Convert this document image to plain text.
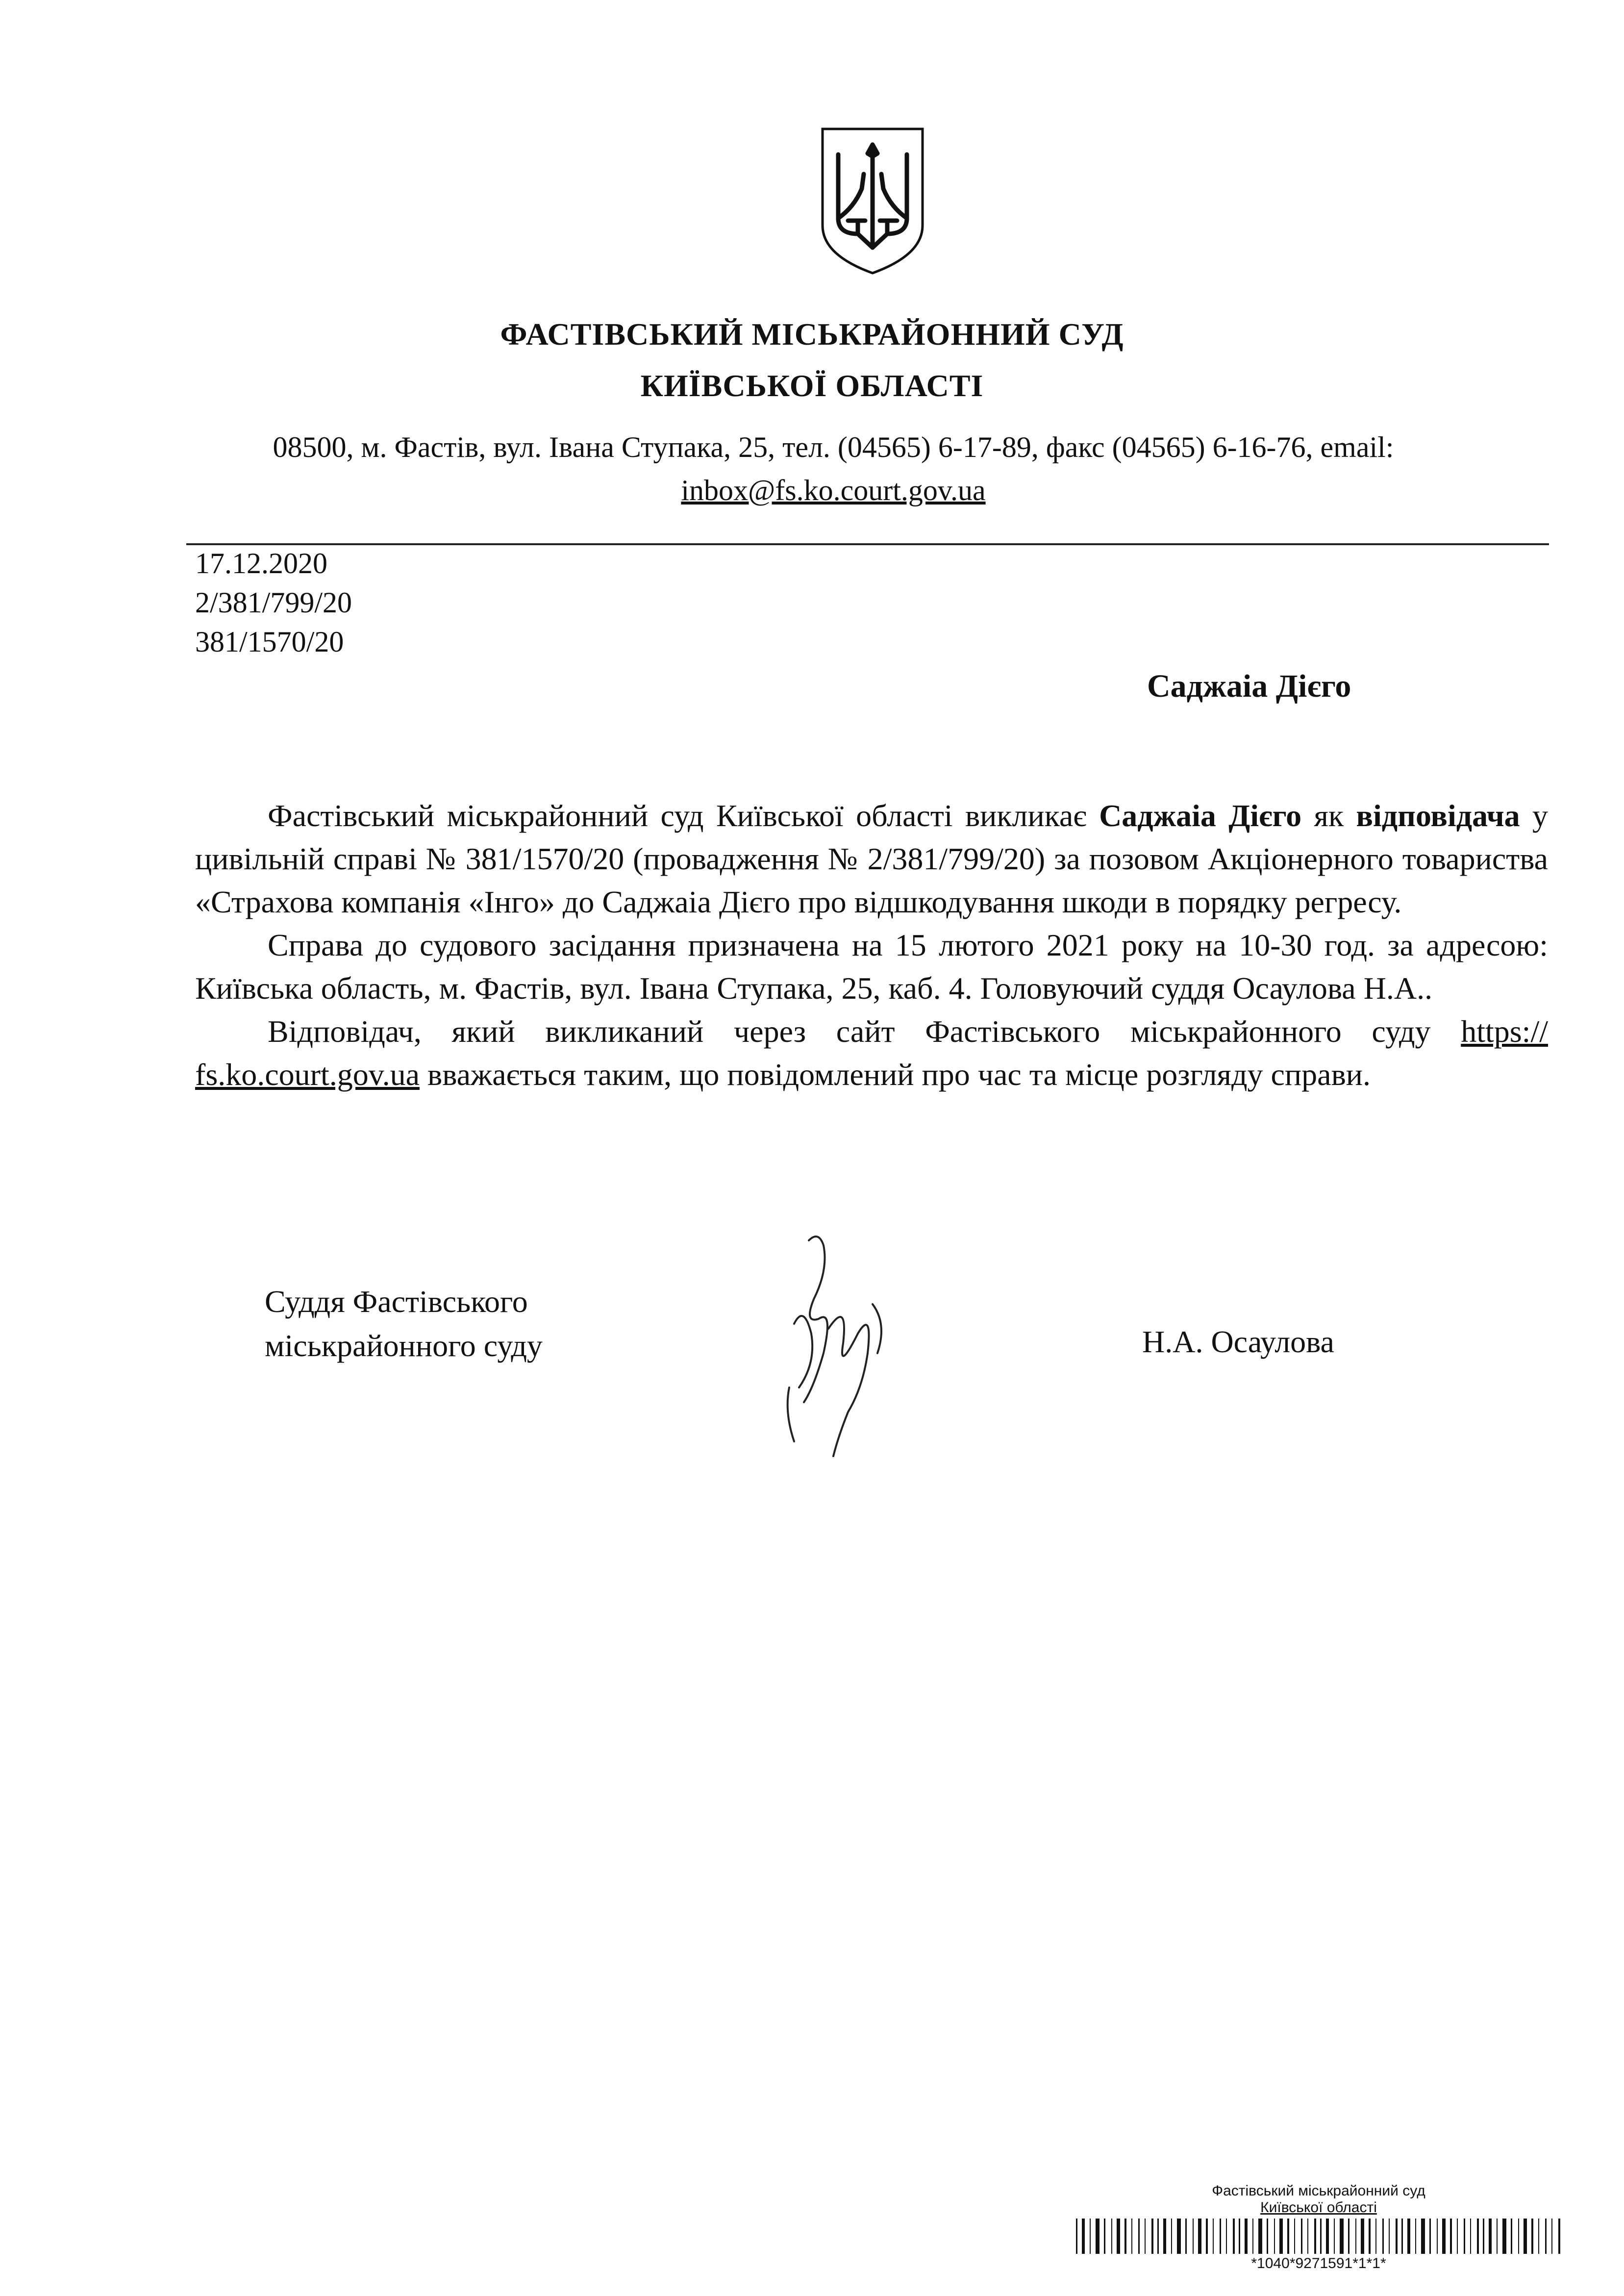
ФАСТІВСЬКИЙ МІСЬКРАЙОННИЙ СУД
КИЇВСЬКОЇ ОБЛАСТІ
08500, м. Фастів, вул. Івана Ступака, 25, тел. (04565) 6-17-89, факс (04565) 6-16-76, email:
inbox@fs.ko.court.gov.ua
17.12.2020
2/381/799/20
381/1570/20
Саджаіа Дієго

Фастівський міськрайонний суд Київської області викликає Саджаіа Дієго як відповідача у цивільній справі № 381/1570/20 (провадження № 2/381/799/20) за позовом Акціонерного товариства «Страхова компанія «Інго» до Саджаіа Дієго про відшкодування шкоди в порядку регресу.

Справа до судового засідання призначена на 15 лютого 2021 року на 10-30 год. за адресою: Київська область, м. Фастів, вул. Івана Ступака, 25, каб. 4. Головуючий суддя Осаулова Н.А..

Відповідач, який викликаний через сайт Фастівського міськрайонного суду https:// fs.ko.court.gov.ua вважається таким, що повідомлений про час та місце розгляду справи.

Суддя Фастівського
міськрайонного суду	Н.А. Осаулова
Фастівський міськрайонний суд
Київської області
*1040*9271591*1*1*
